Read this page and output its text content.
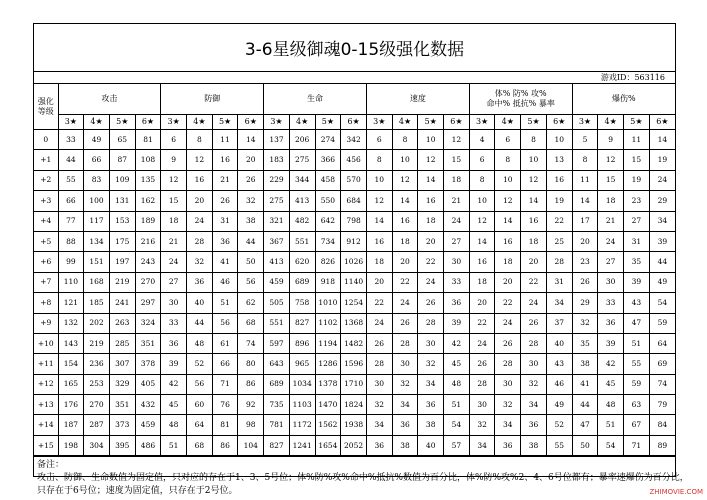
3-6星级御魂0-15级强化数据
游戏ID：563116
强化
等级	攻击				防御				生命				速度				体% 防% 攻%
命中% 抵抗% 暴率				爆伤%			
	3★	4★	5★	6★	3★	4★	5★	6★	3★	4★	5★	6★	3★	4★	5★	6★	3★	4★	5★	6★	3★	4★	5★	6★
0	33	49	65	81	6	8	11	14	137	206	274	342	6	8	10	12	4	6	8	10	5	9	11	14
+1	44	66	87	108	9	12	16	20	183	275	366	456	8	10	12	15	6	8	10	13	8	12	15	19
+2	55	83	109	135	12	16	21	26	229	344	458	570	10	12	14	18	8	10	12	16	11	15	19	24
+3	66	100	131	162	15	20	26	32	275	413	550	684	12	14	16	21	10	12	14	19	14	18	23	29
+4	77	117	153	189	18	24	31	38	321	482	642	798	14	16	18	24	12	14	16	22	17	21	27	34
+5	88	134	175	216	21	28	36	44	367	551	734	912	16	18	20	27	14	16	18	25	20	24	31	39
+6	99	151	197	243	24	32	41	50	413	620	826	1026	18	20	22	30	16	18	20	28	23	27	35	44
+7	110	168	219	270	27	36	46	56	459	689	918	1140	20	22	24	33	18	20	22	31	26	30	39	49
+8	121	185	241	297	30	40	51	62	505	758	1010	1254	22	24	26	36	20	22	24	34	29	33	43	54
+9	132	202	263	324	33	44	56	68	551	827	1102	1368	24	26	28	39	22	24	26	37	32	36	47	59
+10	143	219	285	351	36	48	61	74	597	896	1194	1482	26	28	30	42	24	26	28	40	35	39	51	64
+11	154	236	307	378	39	52	66	80	643	965	1286	1596	28	30	32	45	26	28	30	43	38	42	55	69
+12	165	253	329	405	42	56	71	86	689	1034	1378	1710	30	32	34	48	28	30	32	46	41	45	59	74
+13	176	270	351	432	45	60	76	92	735	1103	1470	1824	32	34	36	51	30	32	34	49	44	48	63	79
+14	187	287	373	459	48	64	81	98	781	1172	1562	1938	34	36	38	54	32	34	36	52	47	51	67	84
+15	198	304	395	486	51	68	86	104	827	1241	1654	2052	36	38	40	57	34	36	38	55	50	54	71	89
备注：
攻击、防御、生命数值为固定值，只对应的存在于1、3、5号位；体%防%攻%命中%抵抗%数值为百分比，体%防%攻%2、4、6号位都有；暴率速爆伤为百分比，
只存在于6号位；速度为固定值，只存在于2号位。	ZHIMOVIE.COM
